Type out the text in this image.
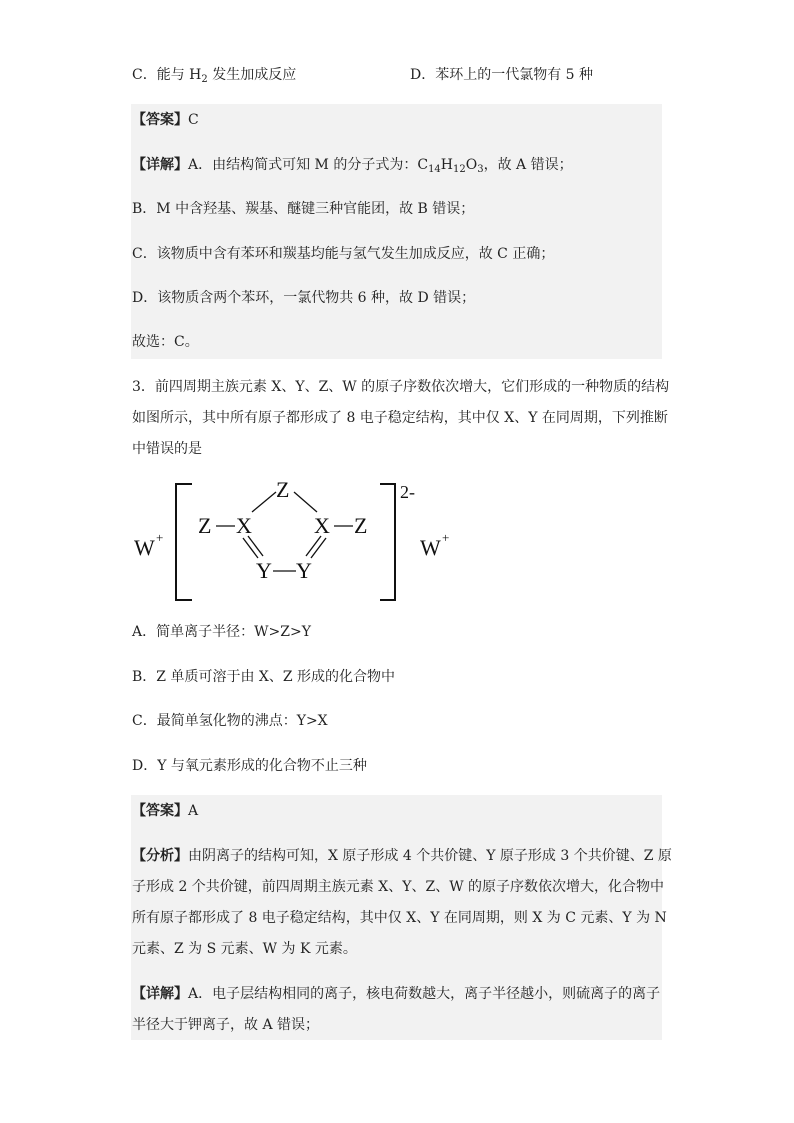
C．能与 $H_2$ 发生加成反应	D．苯环上的一代氯物有 5 种
【答案】C
【详解】A．由结构简式可知 M 的分子式为：$C_{14}H_{12}O_3$，故 A 错误；
B．M 中含羟基、羰基、醚键三种官能团，故 B 错误；
C．该物质中含有苯环和羰基均能与氢气发生加成反应，故 C 正确；
D．该物质含两个苯环，一氯代物共 6 种，故 D 错误；
故选：C。
3．前四周期主族元素 X、Y、Z、W 的原子序数依次增大，它们形成的一种物质的结构
如图所示，其中所有原子都形成了 8 电子稳定结构，其中仅 X、Y 在同周期，下列推断
中错误的是
W +
2-
W +
Z
Z X	X Z
Y Y
A．简单离子半径：W>Z>Y
B．Z 单质可溶于由 X、Z 形成的化合物中
C．最简单氢化物的沸点：Y>X
D．Y 与氧元素形成的化合物不止三种
【答案】A
【分析】由阴离子的结构可知，X 原子形成 4 个共价键、Y 原子形成 3 个共价键、Z 原
子形成 2 个共价键，前四周期主族元素 X、Y、Z、W 的原子序数依次增大，化合物中
所有原子都形成了 8 电子稳定结构，其中仅 X、Y 在同周期，则 X 为 C 元素、Y 为 N
元素、Z 为 S 元素、W 为 K 元素。
【详解】A．电子层结构相同的离子，核电荷数越大，离子半径越小，则硫离子的离子
半径大于钾离子，故 A 错误；
